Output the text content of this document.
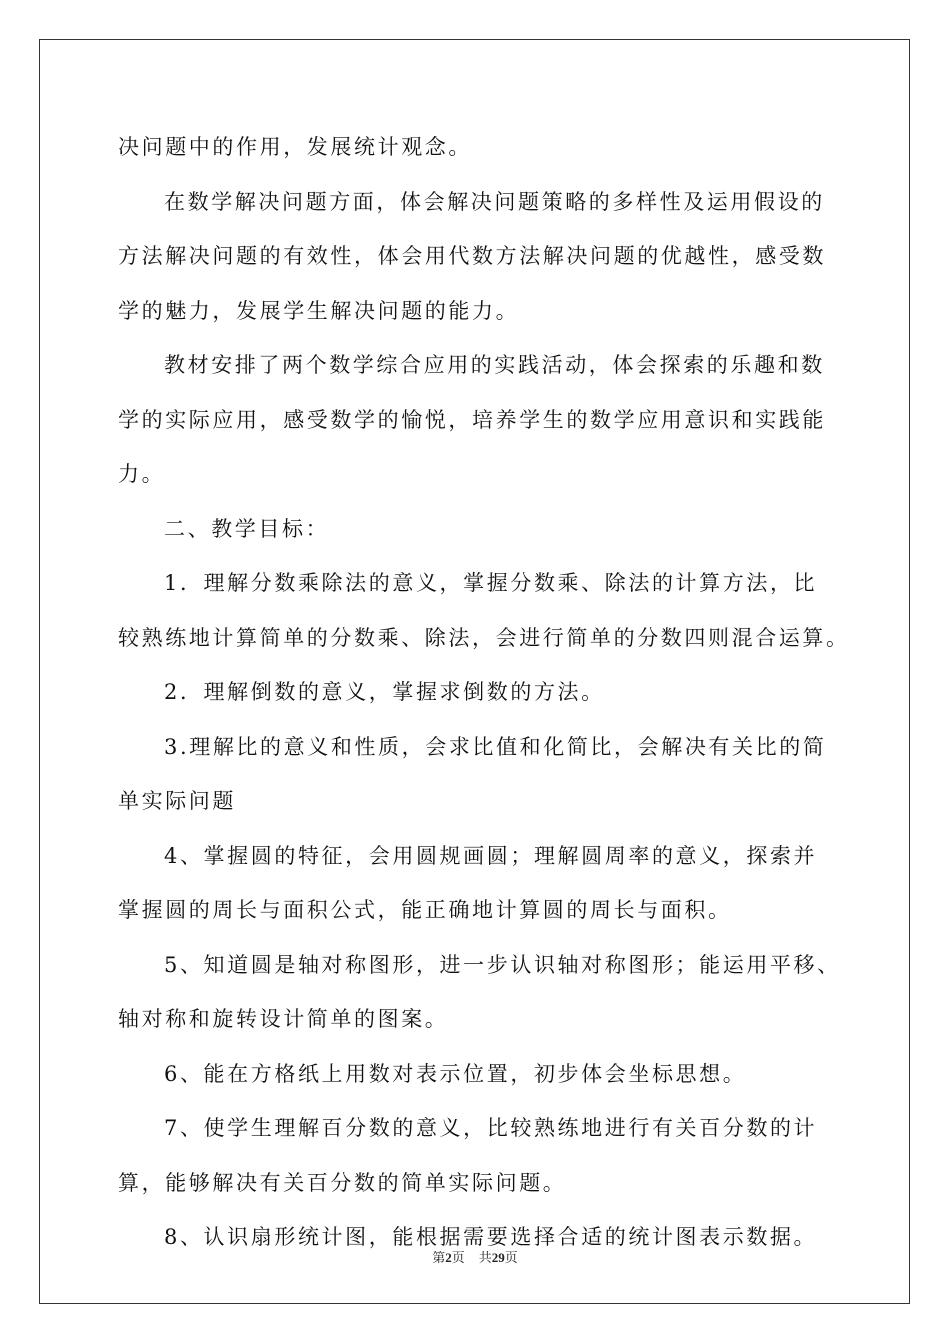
决问题中的作用，发展统计观念。
在数学解决问题方面，体会解决问题策略的多样性及运用假设的
方法解决问题的有效性，体会用代数方法解决问题的优越性，感受数
学的魅力，发展学生解决问题的能力。
教材安排了两个数学综合应用的实践活动，体会探索的乐趣和数
学的实际应用，感受数学的愉悦，培养学生的数学应用意识和实践能
力。
二、教学目标：
1．理解分数乘除法的意义，掌握分数乘、除法的计算方法，比
较熟练地计算简单的分数乘、除法，会进行简单的分数四则混合运算。
2．理解倒数的意义，掌握求倒数的方法。
3.理解比的意义和性质，会求比值和化简比，会解决有关比的简
单实际问题
4、掌握圆的特征，会用圆规画圆；理解圆周率的意义，探索并
掌握圆的周长与面积公式，能正确地计算圆的周长与面积。
5、知道圆是轴对称图形，进一步认识轴对称图形；能运用平移、
轴对称和旋转设计简单的图案。
6、能在方格纸上用数对表示位置，初步体会坐标思想。
7、使学生理解百分数的意义，比较熟练地进行有关百分数的计
算，能够解决有关百分数的简单实际问题。
8、认识扇形统计图，能根据需要选择合适的统计图表示数据。
第2页 共29页
